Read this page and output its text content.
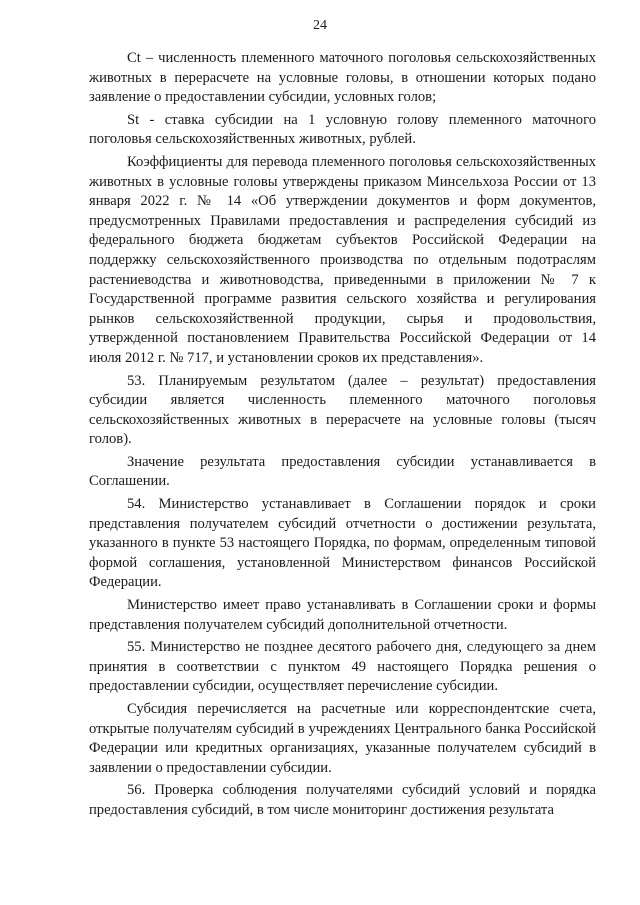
24

Ct – численность племенного маточного поголовья сельскохозяйственных животных в перерасчете на условные головы, в отношении которых подано заявление о предоставлении субсидии, условных голов;

St - ставка субсидии на 1 условную голову племенного маточного поголовья сельскохозяйственных животных, рублей.

Коэффициенты для перевода племенного поголовья сельскохозяйственных животных в условные головы утверждены приказом Минсельхоза России от 13 января 2022 г. № 14 «Об утверждении документов и форм документов, предусмотренных Правилами предоставления и распределения субсидий из федерального бюджета бюджетам субъектов Российской Федерации на поддержку сельскохозяйственного производства по отдельным подотраслям растениеводства и животноводства, приведенными в приложении № 7 к Государственной программе развития сельского хозяйства и регулирования рынков сельскохозяйственной продукции, сырья и продовольствия, утвержденной постановлением Правительства Российской Федерации от 14 июля 2012 г. № 717, и установлении сроков их представления».

53. Планируемым результатом (далее – результат) предоставления субсидии является численность племенного маточного поголовья сельскохозяйственных животных в перерасчете на условные головы (тысяч голов).

Значение результата предоставления субсидии устанавливается в Соглашении.

54. Министерство устанавливает в Соглашении порядок и сроки представления получателем субсидий отчетности о достижении результата, указанного в пункте 53 настоящего Порядка, по формам, определенным типовой формой соглашения, установленной Министерством финансов Российской Федерации.

Министерство имеет право устанавливать в Соглашении сроки и формы представления получателем субсидий дополнительной отчетности.

55. Министерство не позднее десятого рабочего дня, следующего за днем принятия в соответствии с пунктом 49 настоящего Порядка решения о предоставлении субсидии, осуществляет перечисление субсидии.

Субсидия перечисляется на расчетные или корреспондентские счета, открытые получателям субсидий в учреждениях Центрального банка Российской Федерации или кредитных организациях, указанные получателем субсидий в заявлении о предоставлении субсидии.

56. Проверка соблюдения получателями субсидий условий и порядка предоставления субсидий, в том числе мониторинг достижения результата
